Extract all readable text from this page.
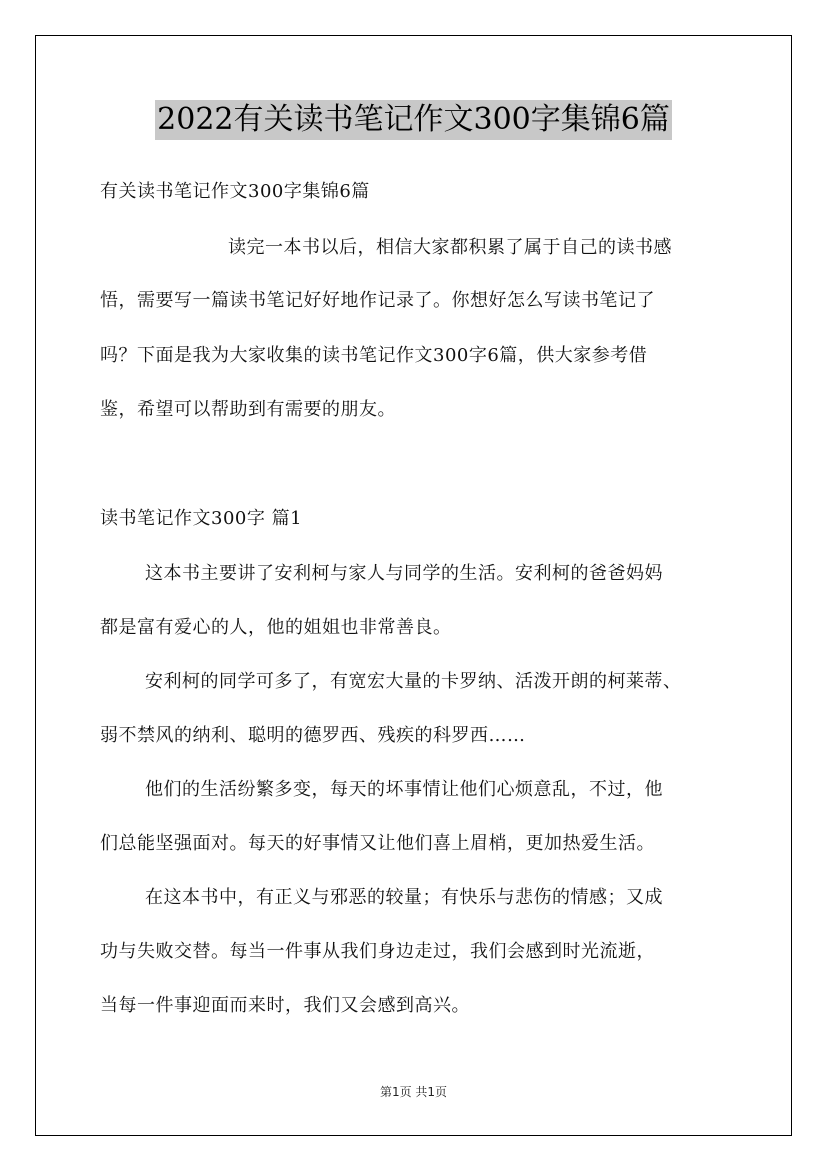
2022有关读书笔记作文300字集锦6篇
有关读书笔记作文300字集锦6篇
读完一本书以后，相信大家都积累了属于自己的读书感
悟，需要写一篇读书笔记好好地作记录了。你想好怎么写读书笔记了
吗？下面是我为大家收集的读书笔记作文300字6篇，供大家参考借
鉴，希望可以帮助到有需要的朋友。
读书笔记作文300字 篇1
这本书主要讲了安利柯与家人与同学的生活。安利柯的爸爸妈妈
都是富有爱心的人，他的姐姐也非常善良。
安利柯的同学可多了，有宽宏大量的卡罗纳、活泼开朗的柯莱蒂、
弱不禁风的纳利、聪明的德罗西、残疾的科罗西……
他们的生活纷繁多变，每天的坏事情让他们心烦意乱，不过，他
们总能坚强面对。每天的好事情又让他们喜上眉梢，更加热爱生活。
在这本书中，有正义与邪恶的较量；有快乐与悲伤的情感；又成
功与失败交替。每当一件事从我们身边走过，我们会感到时光流逝，
当每一件事迎面而来时，我们又会感到高兴。
第1页 共1页
